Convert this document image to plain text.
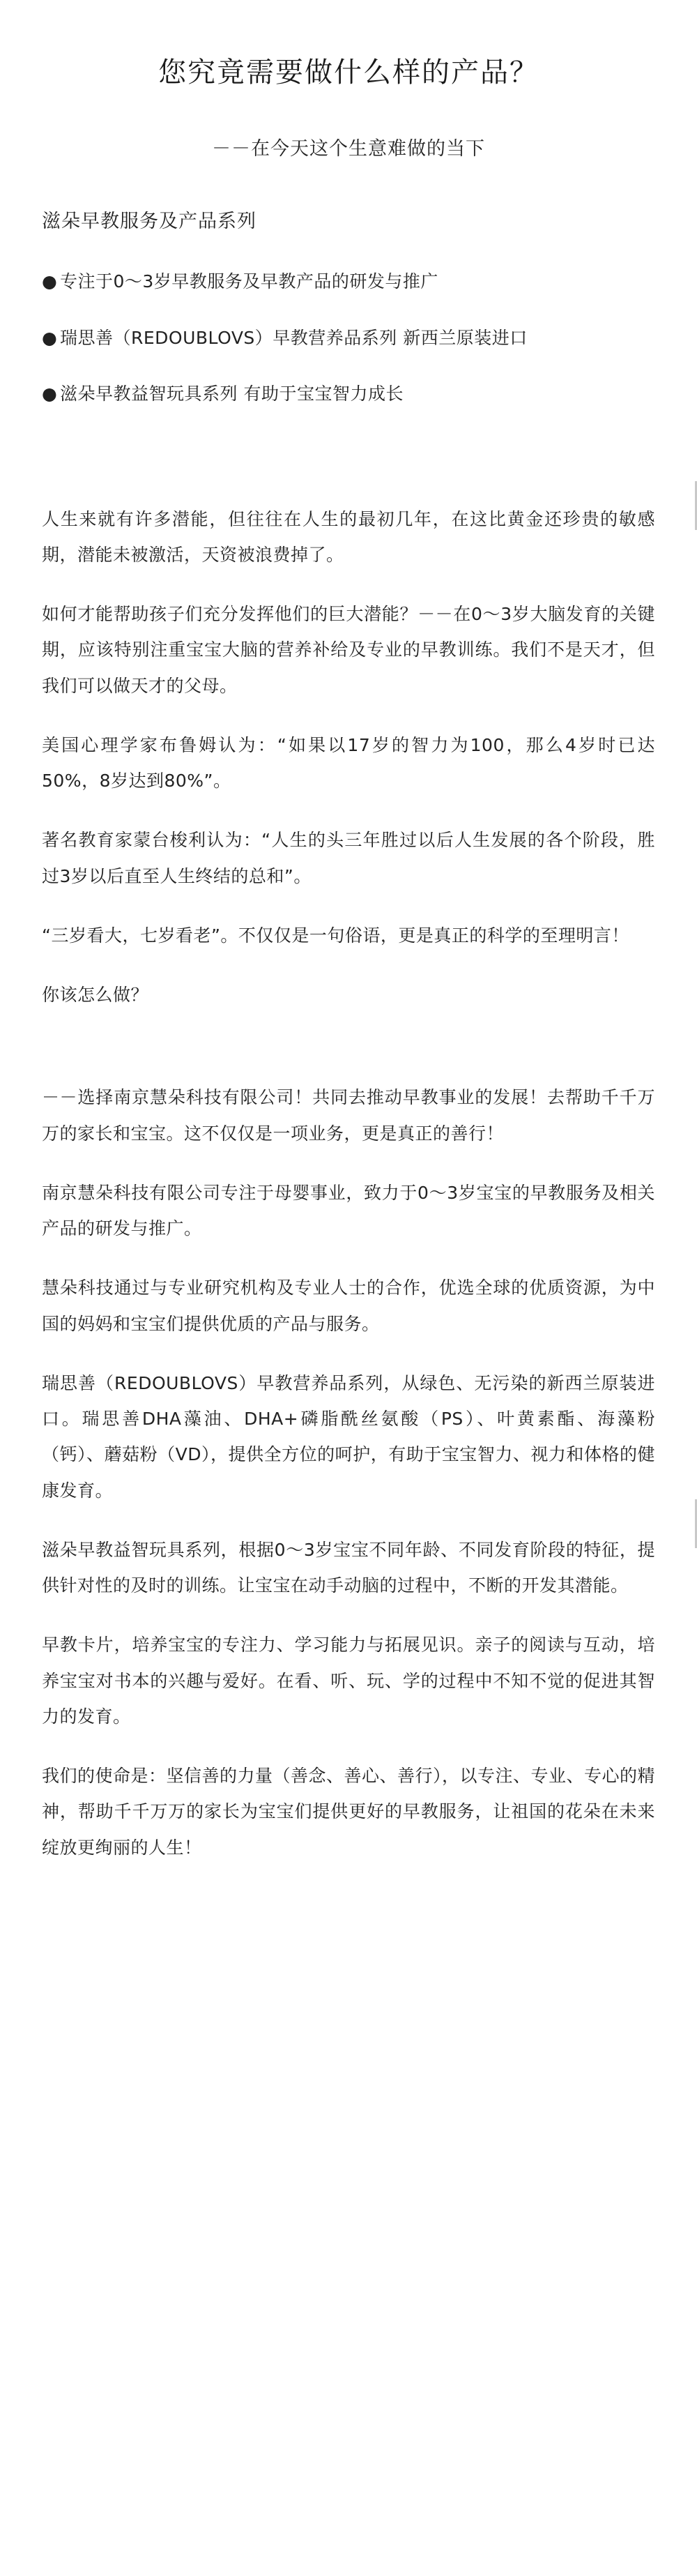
您究竟需要做什么样的产品？
－－在今天这个生意难做的当下
滋朵早教服务及产品系列
● 专注于0～3岁早教服务及早教产品的研发与推广
● 瑞思善（REDOUBLOVS）早教营养品系列 新西兰原装进口
● 滋朵早教益智玩具系列 有助于宝宝智力成长

人生来就有许多潜能，但往往在人生的最初几年，在这比黄金还珍贵的敏感期，潜能未被激活，天资被浪费掉了。

如何才能帮助孩子们充分发挥他们的巨大潜能？－－在0～3岁大脑发育的关键期，应该特别注重宝宝大脑的营养补给及专业的早教训练。我们不是天才，但我们可以做天才的父母。

美国心理学家布鲁姆认为：“如果以17岁的智力为100，那么4岁时已达50%，8岁达到80%”。

著名教育家蒙台梭利认为：“人生的头三年胜过以后人生发展的各个阶段，胜过3岁以后直至人生终结的总和”。

“三岁看大，七岁看老”。不仅仅是一句俗语，更是真正的科学的至理明言！

你该怎么做？

－－选择南京慧朵科技有限公司！共同去推动早教事业的发展！去帮助千千万万的家长和宝宝。这不仅仅是一项业务，更是真正的善行！

南京慧朵科技有限公司专注于母婴事业，致力于0～3岁宝宝的早教服务及相关产品的研发与推广。

慧朵科技通过与专业研究机构及专业人士的合作，优选全球的优质资源，为中国的妈妈和宝宝们提供优质的产品与服务。

瑞思善（REDOUBLOVS）早教营养品系列，从绿色、无污染的新西兰原装进口。瑞思善DHA藻油、DHA+磷脂酰丝氨酸（PS）、叶黄素酯、海藻粉（钙）、蘑菇粉（VD），提供全方位的呵护，有助于宝宝智力、视力和体格的健康发育。

滋朵早教益智玩具系列，根据0～3岁宝宝不同年龄、不同发育阶段的特征，提供针对性的及时的训练。让宝宝在动手动脑的过程中，不断的开发其潜能。

早教卡片，培养宝宝的专注力、学习能力与拓展见识。亲子的阅读与互动，培养宝宝对书本的兴趣与爱好。在看、听、玩、学的过程中不知不觉的促进其智力的发育。

我们的使命是：坚信善的力量（善念、善心、善行），以专注、专业、专心的精神，帮助千千万万的家长为宝宝们提供更好的早教服务，让祖国的花朵在未来绽放更绚丽的人生！
